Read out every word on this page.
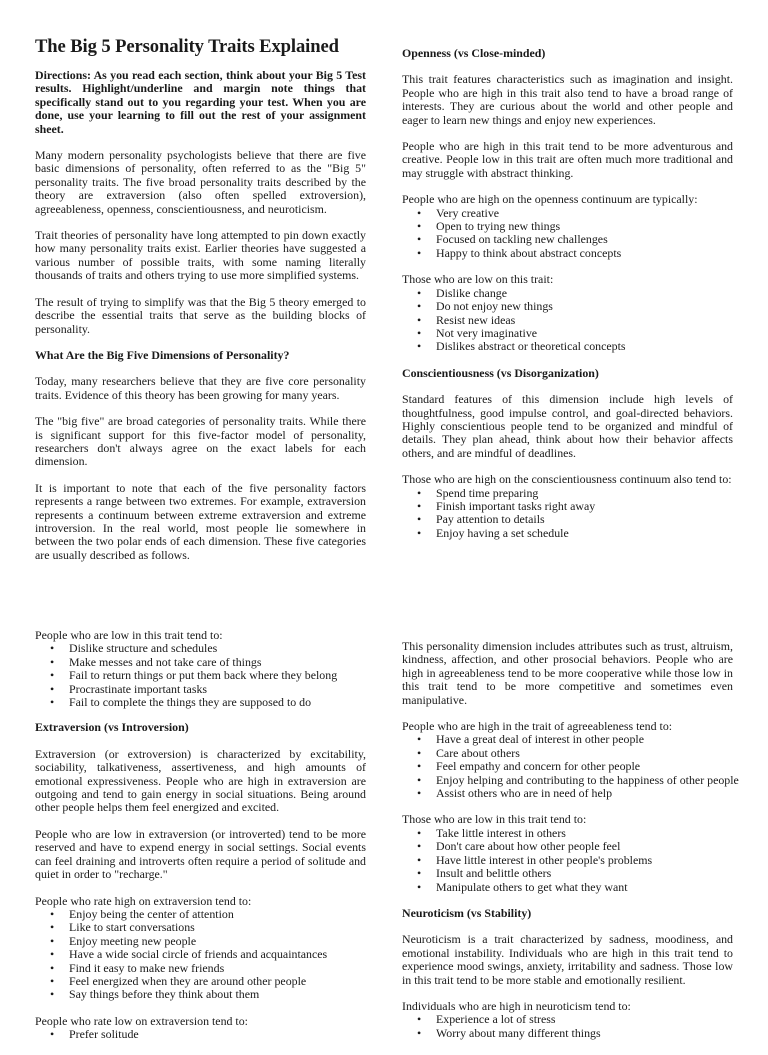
The Big 5 Personality Traits Explained

Directions: As you read each section, think about your Big 5 Test results. Highlight/underline and margin note things that specifically stand out to you regarding your test. When you are done, use your learning to fill out the rest of your assignment sheet.

Many modern personality psychologists believe that there are five basic dimensions of personality, often referred to as the "Big 5" personality traits. The five broad personality traits described by the theory are extraversion (also often spelled extroversion), agreeableness, openness, conscientiousness, and neuroticism.

Trait theories of personality have long attempted to pin down exactly how many personality traits exist. Earlier theories have suggested a various number of possible traits, with some naming literally thousands of traits and others trying to use more simplified systems.

The result of trying to simplify was that the Big 5 theory emerged to describe the essential traits that serve as the building blocks of personality.

What Are the Big Five Dimensions of Personality?

Today, many researchers believe that they are five core personality traits. Evidence of this theory has been growing for many years.

The "big five" are broad categories of personality traits. While there is significant support for this five-factor model of personality, researchers don't always agree on the exact labels for each dimension.

It is important to note that each of the five personality factors represents a range between two extremes. For example, extraversion represents a continuum between extreme extraversion and extreme introversion. In the real world, most people lie somewhere in between the two polar ends of each dimension. These five categories are usually described as follows.

Openness (vs Close-minded)

This trait features characteristics such as imagination and insight. People who are high in this trait also tend to have a broad range of interests. They are curious about the world and other people and eager to learn new things and enjoy new experiences.

People who are high in this trait tend to be more adventurous and creative. People low in this trait are often much more traditional and may struggle with abstract thinking.

People who are high on the openness continuum are typically:

• Very creative
• Open to trying new things
• Focused on tackling new challenges
• Happy to think about abstract concepts

Those who are low on this trait:

• Dislike change
• Do not enjoy new things
• Resist new ideas
• Not very imaginative
• Dislikes abstract or theoretical concepts
Conscientiousness (vs Disorganization)

Standard features of this dimension include high levels of thoughtfulness, good impulse control, and goal-directed behaviors. Highly conscientious people tend to be organized and mindful of details. They plan ahead, think about how their behavior affects others, and are mindful of deadlines.

Those who are high on the conscientiousness continuum also tend to:

• Spend time preparing
• Finish important tasks right away
• Pay attention to details
• Enjoy having a set schedule

People who are low in this trait tend to:

• Dislike structure and schedules
• Make messes and not take care of things
• Fail to return things or put them back where they belong
• Procrastinate important tasks
• Fail to complete the things they are supposed to do
Extraversion (vs Introversion)

Extraversion (or extroversion) is characterized by excitability, sociability, talkativeness, assertiveness, and high amounts of emotional expressiveness. People who are high in extraversion are outgoing and tend to gain energy in social situations. Being around other people helps them feel energized and excited.

People who are low in extraversion (or introverted) tend to be more reserved and have to expend energy in social settings. Social events can feel draining and introverts often require a period of solitude and quiet in order to "recharge."

People who rate high on extraversion tend to:

• Enjoy being the center of attention
• Like to start conversations
• Enjoy meeting new people
• Have a wide social circle of friends and acquaintances
• Find it easy to make new friends
• Feel energized when they are around other people
• Say things before they think about them

People who rate low on extraversion tend to:

• Prefer solitude

This personality dimension includes attributes such as trust, altruism, kindness, affection, and other prosocial behaviors. People who are high in agreeableness tend to be more cooperative while those low in this trait tend to be more competitive and sometimes even manipulative.

People who are high in the trait of agreeableness tend to:

• Have a great deal of interest in other people
• Care about others
• Feel empathy and concern for other people
• Enjoy helping and contributing to the happiness of other people
• Assist others who are in need of help

Those who are low in this trait tend to:

• Take little interest in others
• Don't care about how other people feel
• Have little interest in other people's problems
• Insult and belittle others
• Manipulate others to get what they want
Neuroticism (vs Stability)

Neuroticism is a trait characterized by sadness, moodiness, and emotional instability. Individuals who are high in this trait tend to experience mood swings, anxiety, irritability and sadness. Those low in this trait tend to be more stable and emotionally resilient.

Individuals who are high in neuroticism tend to:

• Experience a lot of stress
• Worry about many different things
